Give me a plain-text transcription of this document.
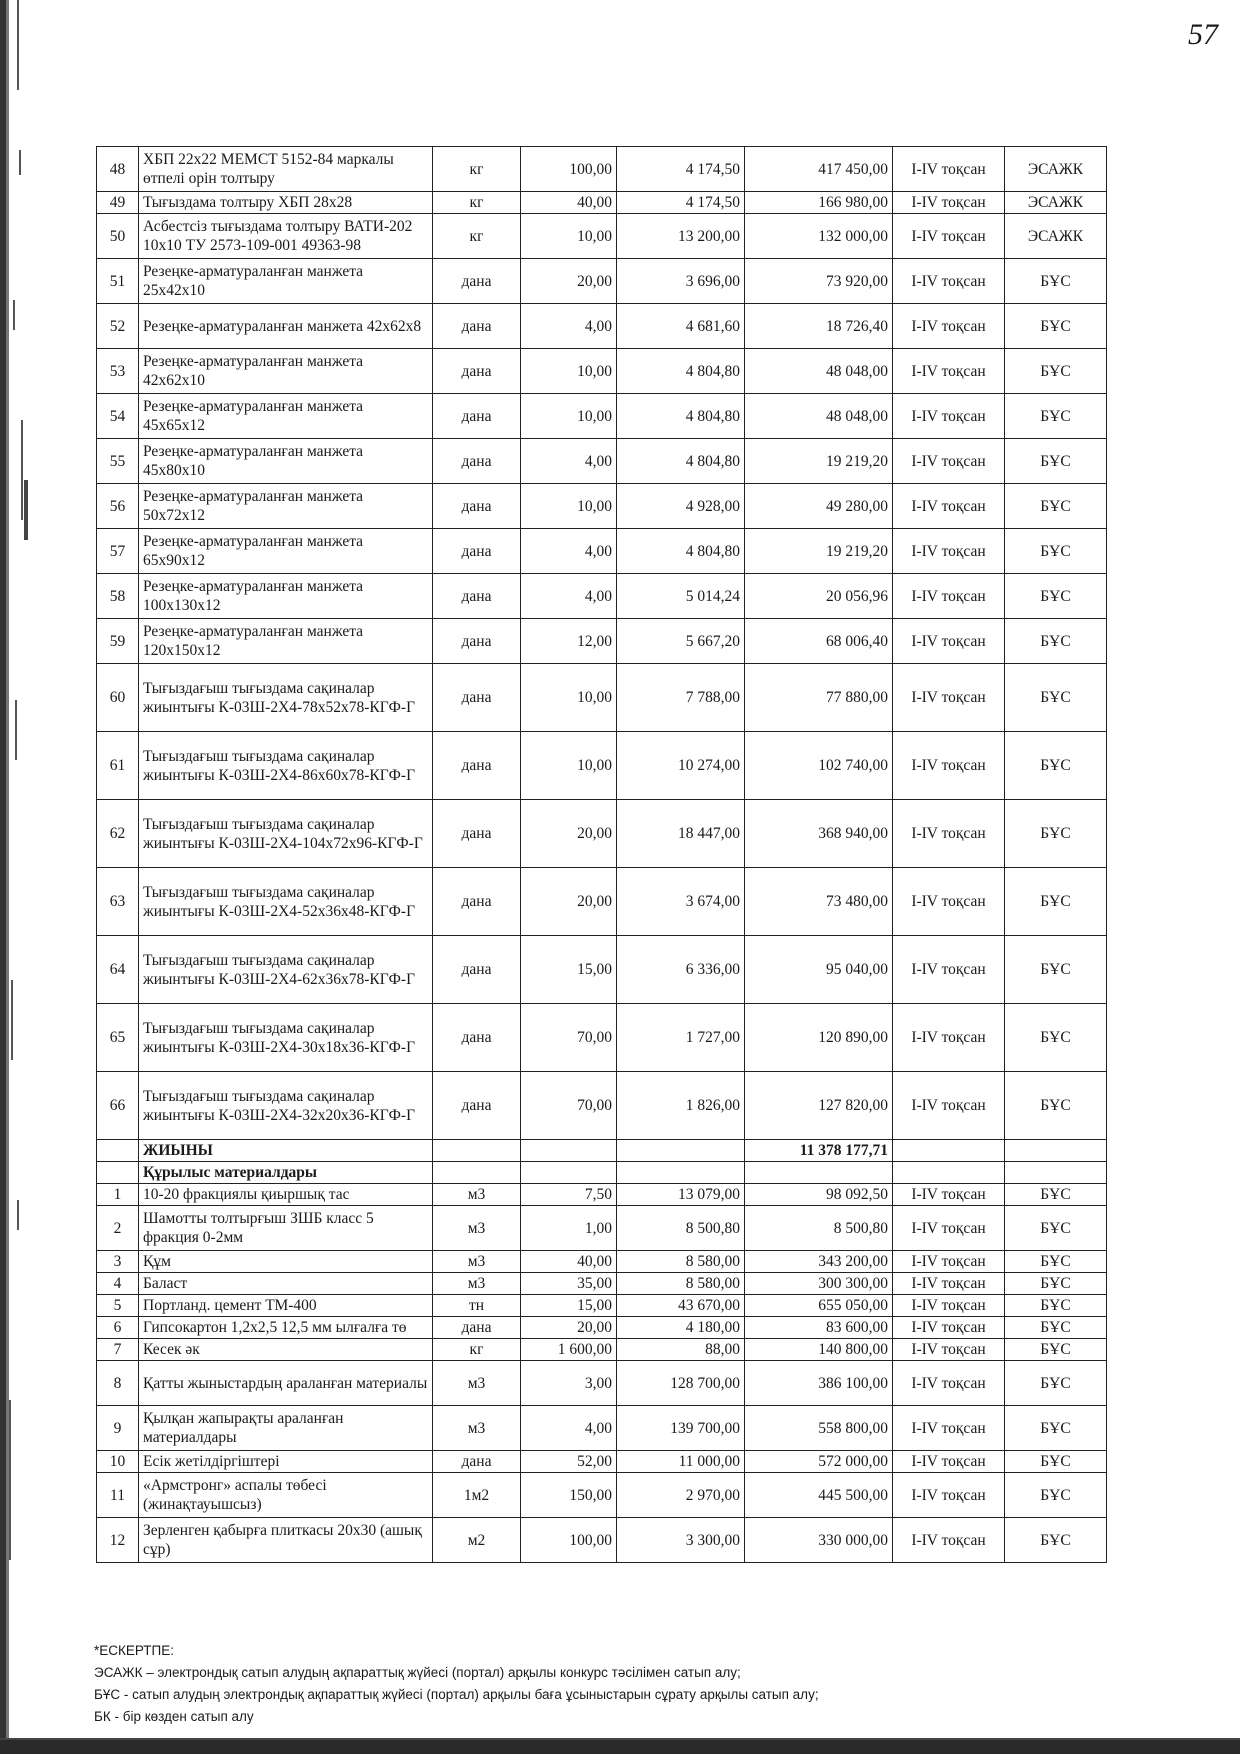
57
48	ХБП 22х22 МЕМСТ 5152-84 маркалы өтпелі орін толтыру	кг	100,00	4 174,50	417 450,00	I-IV тоқсан	ЭСАЖК
49	Тығыздама толтыру ХБП 28х28	кг	40,00	4 174,50	166 980,00	I-IV тоқсан	ЭСАЖК
50	Асбестсіз тығыздама толтыру ВАТИ-202 10х10 ТУ 2573-109-001 49363-98	кг	10,00	13 200,00	132 000,00	I-IV тоқсан	ЭСАЖК
51	Резеңке-арматураланған манжета 25х42х10	дана	20,00	3 696,00	73 920,00	I-IV тоқсан	БҰС
52	Резеңке-арматураланған манжета 42х62х8	дана	4,00	4 681,60	18 726,40	I-IV тоқсан	БҰС
53	Резеңке-арматураланған манжета 42х62х10	дана	10,00	4 804,80	48 048,00	I-IV тоқсан	БҰС
54	Резеңке-арматураланған манжета 45х65х12	дана	10,00	4 804,80	48 048,00	I-IV тоқсан	БҰС
55	Резеңке-арматураланған манжета 45х80х10	дана	4,00	4 804,80	19 219,20	I-IV тоқсан	БҰС
56	Резеңке-арматураланған манжета 50х72х12	дана	10,00	4 928,00	49 280,00	I-IV тоқсан	БҰС
57	Резеңке-арматураланған манжета 65х90х12	дана	4,00	4 804,80	19 219,20	I-IV тоқсан	БҰС
58	Резеңке-арматураланған манжета 100х130х12	дана	4,00	5 014,24	20 056,96	I-IV тоқсан	БҰС
59	Резеңке-арматураланған манжета 120х150х12	дана	12,00	5 667,20	68 006,40	I-IV тоқсан	БҰС
60	Тығыздағыш тығыздама сақиналар жиынтығы К-03Ш-2Х4-78х52х78-КГФ-Г	дана	10,00	7 788,00	77 880,00	I-IV тоқсан	БҰС
61	Тығыздағыш тығыздама сақиналар жиынтығы К-03Ш-2Х4-86х60х78-КГФ-Г	дана	10,00	10 274,00	102 740,00	I-IV тоқсан	БҰС
62	Тығыздағыш тығыздама сақиналар жиынтығы К-03Ш-2Х4-104х72х96-КГФ-Г	дана	20,00	18 447,00	368 940,00	I-IV тоқсан	БҰС
63	Тығыздағыш тығыздама сақиналар жиынтығы К-03Ш-2Х4-52х36х48-КГФ-Г	дана	20,00	3 674,00	73 480,00	I-IV тоқсан	БҰС
64	Тығыздағыш тығыздама сақиналар жиынтығы К-03Ш-2Х4-62х36х78-КГФ-Г	дана	15,00	6 336,00	95 040,00	I-IV тоқсан	БҰС
65	Тығыздағыш тығыздама сақиналар жиынтығы К-03Ш-2Х4-30х18х36-КГФ-Г	дана	70,00	1 727,00	120 890,00	I-IV тоқсан	БҰС
66	Тығыздағыш тығыздама сақиналар жиынтығы К-03Ш-2Х4-32х20х36-КГФ-Г	дана	70,00	1 826,00	127 820,00	I-IV тоқсан	БҰС
	ЖИЫНЫ				11 378 177,71		
	Құрылыс материалдары						
1	10-20 фракциялы қиыршық тас	м3	7,50	13 079,00	98 092,50	I-IV тоқсан	БҰС
2	Шамотты толтырғыш ЗШБ класс 5 фракция 0-2мм	м3	1,00	8 500,80	8 500,80	I-IV тоқсан	БҰС
3	Құм	м3	40,00	8 580,00	343 200,00	I-IV тоқсан	БҰС
4	Баласт	м3	35,00	8 580,00	300 300,00	I-IV тоқсан	БҰС
5	Портланд. цемент ТМ-400	тн	15,00	43 670,00	655 050,00	I-IV тоқсан	БҰС
6	Гипсокартон 1,2х2,5 12,5 мм ылғалға тө	дана	20,00	4 180,00	83 600,00	I-IV тоқсан	БҰС
7	Кесек әк	кг	1 600,00	88,00	140 800,00	I-IV тоқсан	БҰС
8	Қатты жыныстардың араланған материалы	м3	3,00	128 700,00	386 100,00	I-IV тоқсан	БҰС
9	Қылқан жапырақты араланған материалдары	м3	4,00	139 700,00	558 800,00	I-IV тоқсан	БҰС
10	Есік жетілдіргіштері	дана	52,00	11 000,00	572 000,00	I-IV тоқсан	БҰС
11	«Армстронг» аспалы төбесі (жинақтауышсыз)	1м2	150,00	2 970,00	445 500,00	I-IV тоқсан	БҰС
12	Зерленген қабырға плиткасы 20х30 (ашық сұр)	м2	100,00	3 300,00	330 000,00	I-IV тоқсан	БҰС
*ЕСКЕРТПЕ:
ЭСАЖК – электрондық сатып алудың ақпараттық жүйесі (портал) арқылы конкурс тәсілімен сатып алу;
БҰС - сатып алудың электрондық ақпараттық жүйесі (портал) арқылы баға ұсыныстарын сұрату арқылы сатып алу;
БК - бір көзден сатып алу
